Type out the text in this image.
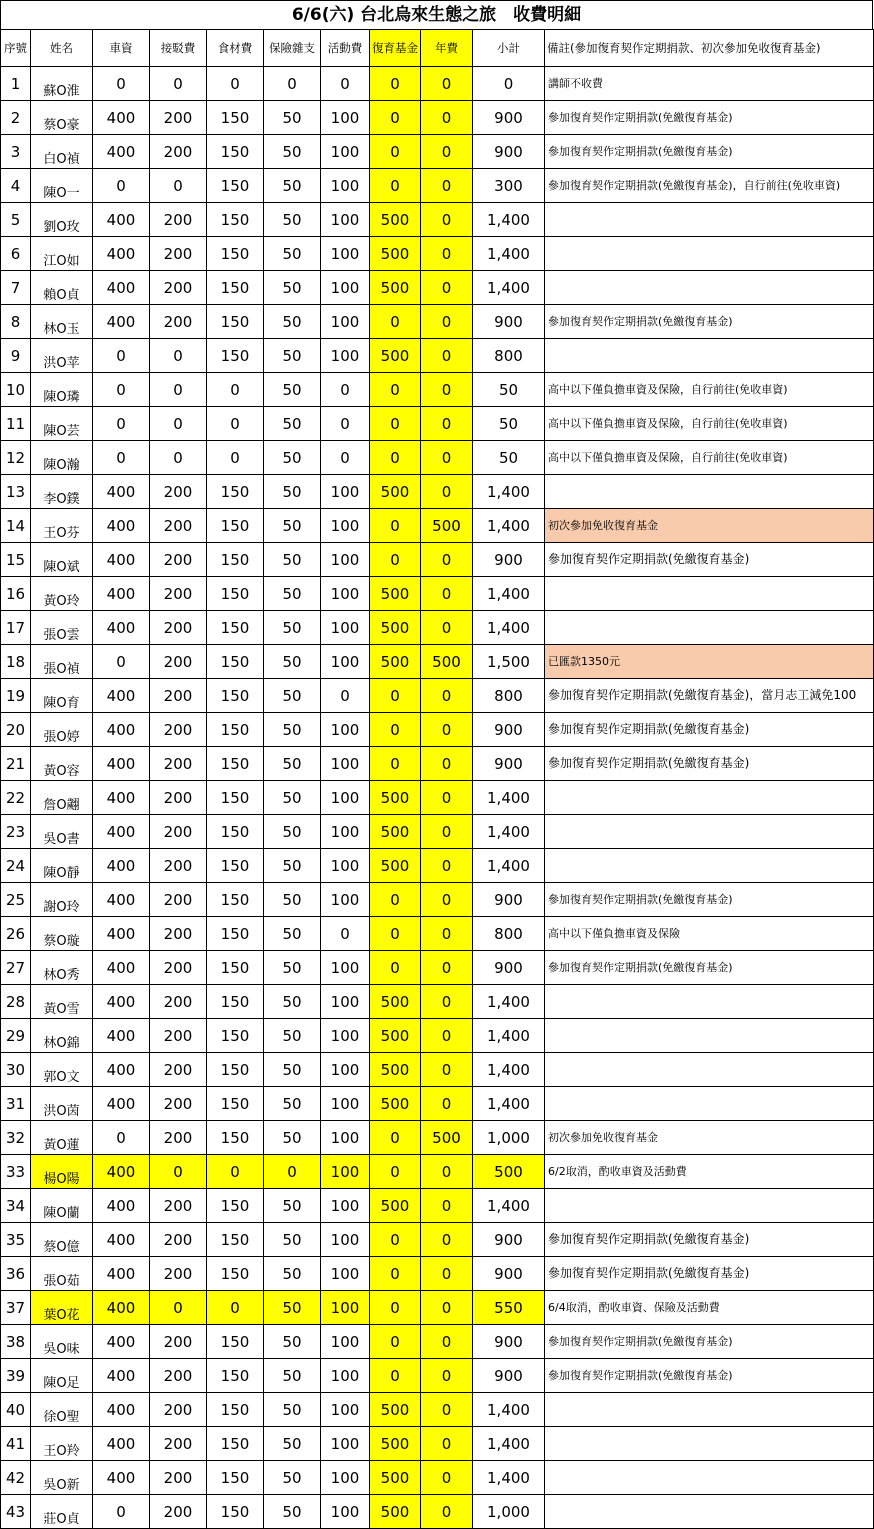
6/6(六) 台北烏來生態之旅　收費明細
序號	姓名	車資	接駁費	食材費	保險雜支	活動費	復育基金	年費	小計	備註(參加復育契作定期捐款、初次參加免收復育基金)
1	蘇O淮	0	0	0	0	0	0	0	0	講師不收費
2	蔡O豪	400	200	150	50	100	0	0	900	參加復育契作定期捐款(免繳復育基金)
3	白O禎	400	200	150	50	100	0	0	900	參加復育契作定期捐款(免繳復育基金)
4	陳O一	0	0	150	50	100	0	0	300	參加復育契作定期捐款(免繳復育基金)，自行前往(免收車資)
5	劉O玫	400	200	150	50	100	500	0	1,400	
6	江O如	400	200	150	50	100	500	0	1,400	
7	賴O貞	400	200	150	50	100	500	0	1,400	
8	林O玉	400	200	150	50	100	0	0	900	參加復育契作定期捐款(免繳復育基金)
9	洪O苹	0	0	150	50	100	500	0	800	
10	陳O璘	0	0	0	50	0	0	0	50	高中以下僅負擔車資及保險，自行前往(免收車資)
11	陳O芸	0	0	0	50	0	0	0	50	高中以下僅負擔車資及保險，自行前往(免收車資)
12	陳O瀚	0	0	0	50	0	0	0	50	高中以下僅負擔車資及保險，自行前往(免收車資)
13	李O鏷	400	200	150	50	100	500	0	1,400	
14	王O芬	400	200	150	50	100	0	500	1,400	初次參加免收復育基金
15	陳O斌	400	200	150	50	100	0	0	900	參加復育契作定期捐款(免繳復育基金)
16	黃O玲	400	200	150	50	100	500	0	1,400	
17	張O雲	400	200	150	50	100	500	0	1,400	
18	張O禎	0	200	150	50	100	500	500	1,500	已匯款1350元
19	陳O育	400	200	150	50	0	0	0	800	參加復育契作定期捐款(免繳復育基金)，當月志工減免100
20	張O婷	400	200	150	50	100	0	0	900	參加復育契作定期捐款(免繳復育基金)
21	黃O容	400	200	150	50	100	0	0	900	參加復育契作定期捐款(免繳復育基金)
22	詹O翽	400	200	150	50	100	500	0	1,400	
23	吳O書	400	200	150	50	100	500	0	1,400	
24	陳O靜	400	200	150	50	100	500	0	1,400	
25	謝O玲	400	200	150	50	100	0	0	900	參加復育契作定期捐款(免繳復育基金)
26	蔡O璇	400	200	150	50	0	0	0	800	高中以下僅負擔車資及保險
27	林O秀	400	200	150	50	100	0	0	900	參加復育契作定期捐款(免繳復育基金)
28	黃O雪	400	200	150	50	100	500	0	1,400	
29	林O錦	400	200	150	50	100	500	0	1,400	
30	郭O文	400	200	150	50	100	500	0	1,400	
31	洪O茵	400	200	150	50	100	500	0	1,400	
32	黃O蓮	0	200	150	50	100	0	500	1,000	初次參加免收復育基金
33	楊O陽	400	0	0	0	100	0	0	500	6/2取消，酌收車資及活動費
34	陳O蘭	400	200	150	50	100	500	0	1,400	
35	蔡O億	400	200	150	50	100	0	0	900	參加復育契作定期捐款(免繳復育基金)
36	張O茹	400	200	150	50	100	0	0	900	參加復育契作定期捐款(免繳復育基金)
37	葉O花	400	0	0	50	100	0	0	550	6/4取消，酌收車資、保險及活動費
38	吳O味	400	200	150	50	100	0	0	900	參加復育契作定期捐款(免繳復育基金)
39	陳O足	400	200	150	50	100	0	0	900	參加復育契作定期捐款(免繳復育基金)
40	徐O聖	400	200	150	50	100	500	0	1,400	
41	王O羚	400	200	150	50	100	500	0	1,400	
42	吳O新	400	200	150	50	100	500	0	1,400	
43	莊O貞	0	200	150	50	100	500	0	1,000	
